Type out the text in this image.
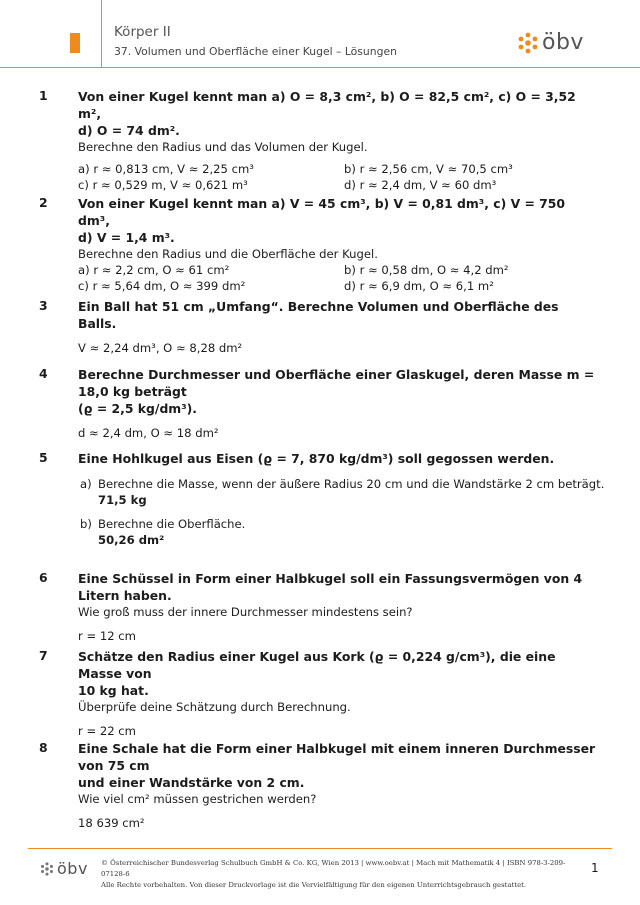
Körper II
37. Volumen und Oberfläche einer Kugel – Lösungen	öbv
1 Von einer Kugel kennt man a) O = 8,3 cm², b) O = 82,5 cm², c) O = 3,52 m²,
d) O = 74 dm².
Berechne den Radius und das Volumen der Kugel.
a) r ≈ 0,813 cm, V ≈ 2,25 cm³	b) r ≈ 2,56 cm, V ≈ 70,5 cm³
c) r ≈ 0,529 m, V ≈ 0,621 m³	d) r ≈ 2,4 dm, V ≈ 60 dm³
2 Von einer Kugel kennt man a) V = 45 cm³, b) V = 0,81 dm³, c) V = 750 dm³,
d) V = 1,4 m³.
Berechne den Radius und die Oberfläche der Kugel.
a) r ≈ 2,2 cm, O ≈ 61 cm²	b) r ≈ 0,58 dm, O ≈ 4,2 dm²
c) r ≈ 5,64 dm, O ≈ 399 dm²	d) r ≈ 6,9 dm, O ≈ 6,1 m²
3 Ein Ball hat 51 cm „Umfang“. Berechne Volumen und Oberfläche des Balls.
V ≈ 2,24 dm³, O ≈ 8,28 dm²
4 Berechne Durchmesser und Oberfläche einer Glaskugel, deren Masse m = 18,0 kg beträgt
(ϱ = 2,5 kg/dm³).
d ≈ 2,4 dm, O ≈ 18 dm²
5 Eine Hohlkugel aus Eisen (ϱ = 7, 870 kg/dm³) soll gegossen werden.
a) Berechne die Masse, wenn der äußere Radius 20 cm und die Wandstärke 2 cm beträgt.
71,5 kg
b) Berechne die Oberfläche.
50,26 dm²
6 Eine Schüssel in Form einer Halbkugel soll ein Fassungsvermögen von 4 Litern haben.
Wie groß muss der innere Durchmesser mindestens sein?
r = 12 cm
7 Schätze den Radius einer Kugel aus Kork (ϱ = 0,224 g/cm³), die eine Masse von
10 kg hat.
Überprüfe deine Schätzung durch Berechnung.
r = 22 cm
8 Eine Schale hat die Form einer Halbkugel mit einem inneren Durchmesser von 75 cm
und einer Wandstärke von 2 cm.
Wie viel cm² müssen gestrichen werden?
18 639 cm²
öbv © Österreichischer Bundesverlag Schulbuch GmbH & Co. KG, Wien 2013 | www.oebv.at | Mach mit Mathematik 4 | ISBN 978-3-209-07128-6
Alle Rechte vorbehalten. Von dieser Druckvorlage ist die Vervielfältigung für den eigenen Unterrichtsgebrauch gestattet.
1
